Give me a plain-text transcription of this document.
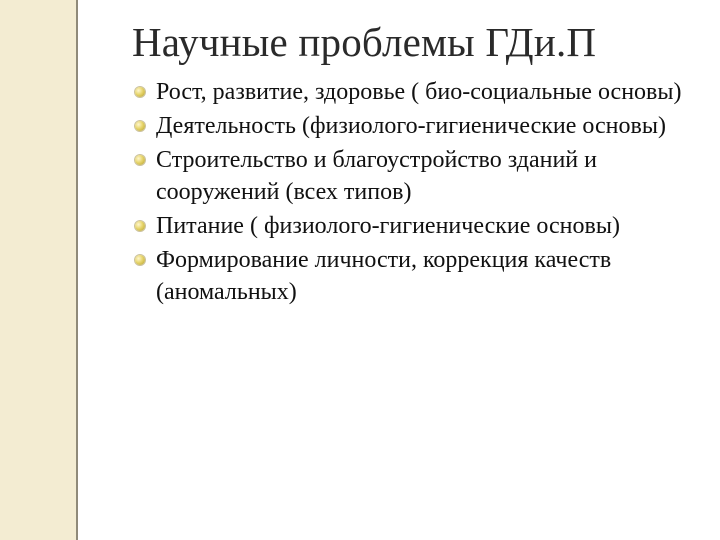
Научные проблемы ГДи.П
Рост, развитие, здоровье ( био-социальные основы)
Деятельность (физиолого-гигиенические основы)
Строительство и благоустройство зданий и сооружений (всех типов)
Питание ( физиолого-гигиенические основы)
Формирование личности, коррекция качеств (аномальных)
